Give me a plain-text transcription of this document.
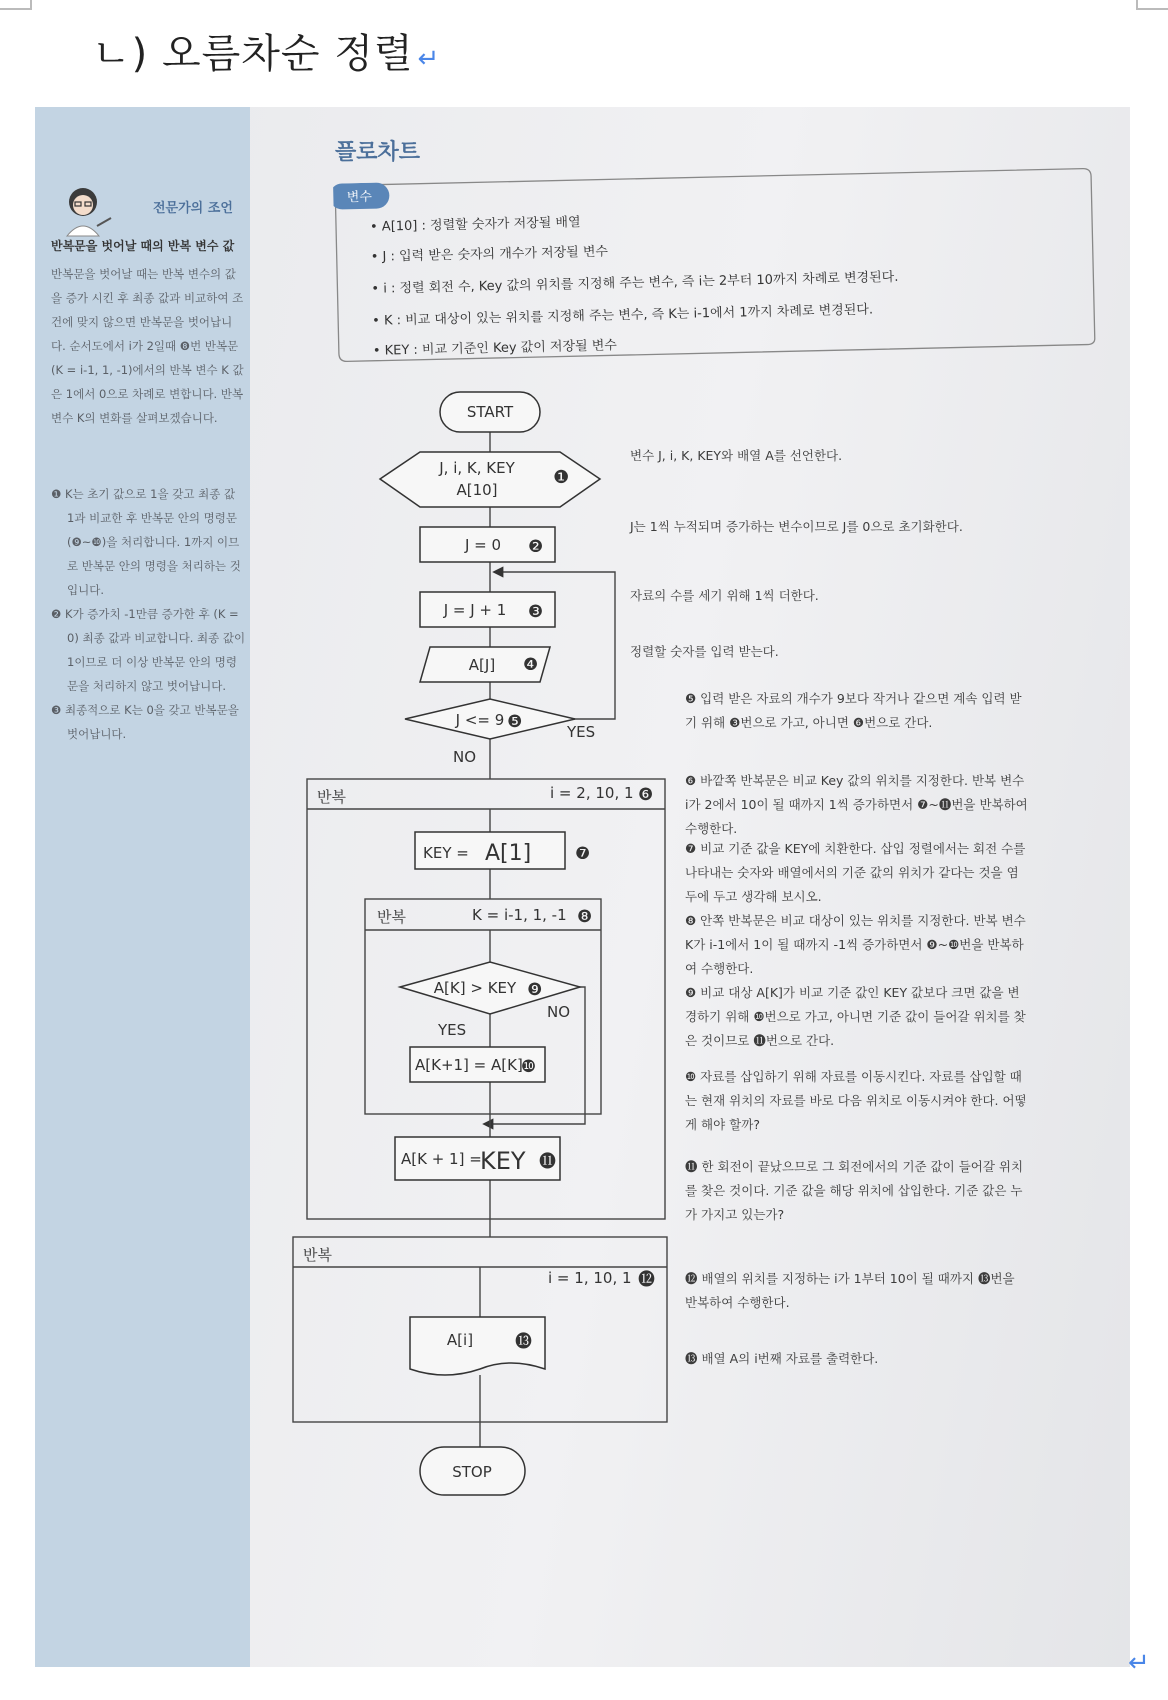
ㄴ) 오름차순 정렬 ↵
전문가의 조언
반복문을 벗어날 때의 반복 변수 값
반복문을 벗어날 때는 반복 변수의 값을 증가 시킨 후 최종 값과 비교하여 조건에 맞지 않으면 반복문을 벗어납니다. 순서도에서 i가 2일때 ❽번 반복문(K = i-1, 1, -1)에서의 반복 변수 K 값은 1에서 0으로 차례로 변합니다. 반복 변수 K의 변화를 살펴보겠습니다.
❶ K는 초기 값으로 1을 갖고 최종 값 1과 비교한 후 반복문 안의 명령문(❾~❿)을 처리합니다. 1까지 이므로 반복문 안의 명령을 처리하는 것입니다.
❷ K가 증가치 -1만큼 증가한 후 (K = 0) 최종 값과 비교합니다. 최종 값이 1이므로 더 이상 반복문 안의 명령문을 처리하지 않고 벗어납니다.
❸ 최종적으로 K는 0을 갖고 반복문을 벗어납니다.
플로차트
변수
• A[10] : 정렬할 숫자가 저장될 배열
• J : 입력 받은 숫자의 개수가 저장될 변수
• i : 정렬 회전 수, Key 값의 위치를 지정해 주는 변수, 즉 i는 2부터 10까지 차례로 변경된다.
• K : 비교 대상이 있는 위치를 지정해 주는 변수, 즉 K는 i-1에서 1까지 차례로 변경된다.
• KEY : 비교 기준인 Key 값이 저장될 변수
START
J, i, K, KEY
A[10]
❶
J = 0 ❷
J = J + 1 ❸
A[J] ❹
J <= 9 ❺	YES
NO
반복	i = 2, 10, 1 ❻
KEY = A[1]	❼
반복	K = i-1, 1, -1 ❽
A[K] > KEY ❾
YES
NO
A[K+1] = A[K]
❿
A[K + 1] =
KEY ⓫
반복
i = 1, 10, 1 ⓬
A[i] ⓭
STOP
변수 J, i, K, KEY와 배열 A를 선언한다.
J는 1씩 누적되며 증가하는 변수이므로 J를 0으로 초기화한다.
자료의 수를 세기 위해 1씩 더한다.
정렬할 숫자를 입력 받는다.
❺ 입력 받은 자료의 개수가 9보다 작거나 같으면 계속 입력 받기 위해 ❸번으로 가고, 아니면 ❻번으로 간다.
❻ 바깥쪽 반복문은 비교 Key 값의 위치를 지정한다. 반복 변수 i가 2에서 10이 될 때까지 1씩 증가하면서 ❼~⓫번을 반복하여 수행한다.
❼ 비교 기준 값을 KEY에 치환한다. 삽입 정렬에서는 회전 수를 나타내는 숫자와 배열에서의 기준 값의 위치가 같다는 것을 염두에 두고 생각해 보시오.
❽ 안쪽 반복문은 비교 대상이 있는 위치를 지정한다. 반복 변수 K가 i-1에서 1이 될 때까지 -1씩 증가하면서 ❾~❿번을 반복하여 수행한다.
❾ 비교 대상 A[K]가 비교 기준 값인 KEY 값보다 크면 값을 변경하기 위해 ❿번으로 가고, 아니면 기준 값이 들어갈 위치를 찾은 것이므로 ⓫번으로 간다.
❿ 자료를 삽입하기 위해 자료를 이동시킨다. 자료를 삽입할 때는 현재 위치의 자료를 바로 다음 위치로 이동시켜야 한다. 어떻게 해야 할까?
⓫ 한 회전이 끝났으므로 그 회전에서의 기준 값이 들어갈 위치를 찾은 것이다. 기준 값을 해당 위치에 삽입한다. 기준 값은 누가 가지고 있는가?
⓬ 배열의 위치를 지정하는 i가 1부터 10이 될 때까지 ⓭번을 반복하여 수행한다.
⓭ 배열 A의 i번째 자료를 출력한다.
↵
